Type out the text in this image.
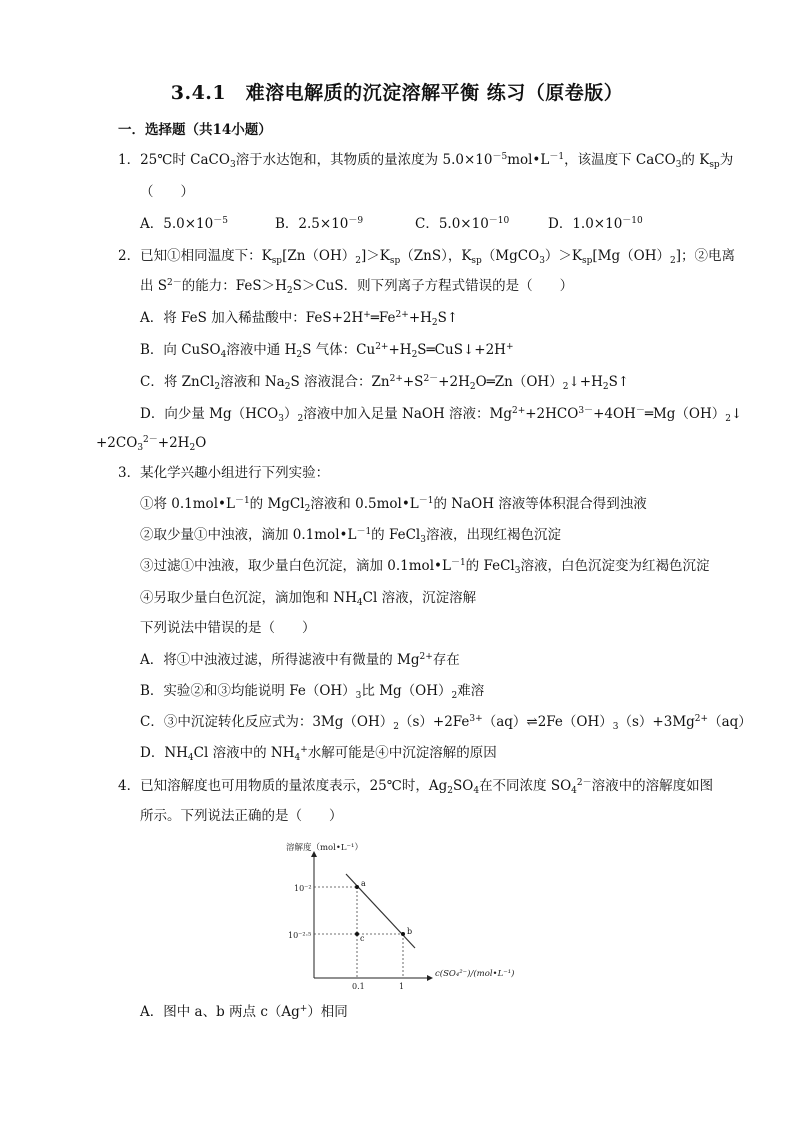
3.4.1　难溶电解质的沉淀溶解平衡 练习（原卷版）
一．选择题（共14小题）
1．25℃时 CaCO$_3$溶于水达饱和，其物质的量浓度为 $5.0\times 10^{-5}mol•L^{-1}$，该温度下 CaCO$_3$的 $K_{sp}$为
（　　）
A．$5.0\times 10^{-5}$	B．$2.5\times 10^{-9}$	C．$5.0\times 10^{-10}$	D．$1.0\times 10^{-10}$
2．已知①相同温度下：$K_{sp}[Zn(OH)_2]>K_{sp}(ZnS)$，$K_{sp}(MgCO_3)>K_{sp}[Mg(OH)_2]$；②电离
出 $S^{2-}$的能力：$FeS>H_2S>CuS$．则下列离子方程式错误的是（　　）
A．将 FeS 加入稀盐酸中：$FeS+2H^+═Fe^{2+}+H_2S↑$
B．向 CuSO$_4$溶液中通 $H_2S$ 气体：$Cu^{2+}+H_2S═CuS↓+2H^+$
C．将 ZnCl$_2$溶液和 $Na_2S$ 溶液混合：$Zn^{2+}+S^{2-}+2H_2O═Zn(OH)_2↓+H_2S↑$
D．向少量 $Mg(HCO_3)_2$溶液中加入足量 NaOH 溶液：$Mg^{2+}+2HCO^{3-}+4OH^-═Mg(OH)_2↓$
$+2CO_3^{2-}+2H_2O$
3．某化学兴趣小组进行下列实验：
①将 $0.1mol•L^{-1}$的 MgCl$_2$溶液和 $0.5mol•L^{-1}$的 NaOH 溶液等体积混合得到浊液
②取少量①中浊液，滴加 $0.1mol•L^{-1}$的 FeCl$_3$溶液，出现红褐色沉淀
③过滤①中浊液，取少量白色沉淀，滴加 $0.1mol•L^{-1}$的 FeCl$_3$溶液，白色沉淀变为红褐色沉淀
④另取少量白色沉淀，滴加饱和 $NH_4Cl$ 溶液，沉淀溶解
下列说法中错误的是（　　）
A．将①中浊液过滤，所得滤液中有微量的 $Mg^{2+}$存在
B．实验②和③均能说明 $Fe(OH)_3$比 $Mg(OH)_2$难溶
C．③中沉淀转化反应式为：$3Mg(OH)_2(s)+2Fe^{3+}(aq)\rightleftharpoons 2Fe(OH)_3(s)+3Mg^{2+}(aq)$
D．$NH_4Cl$ 溶液中的 $NH_4^+$水解可能是④中沉淀溶解的原因
4．已知溶解度也可用物质的量浓度表示，25℃时，$Ag_2SO_4$在不同浓度 $SO_4^{2-}$溶液中的溶解度如图
所示。下列说法正确的是（　　）
溶解度（mol•L⁻¹）
c(SO₄²⁻)/(mol•L⁻¹)
10⁻²
10⁻²·⁵
0.1	1
a
b
c
A．图中 a、b 两点 c（Ag+）相同
